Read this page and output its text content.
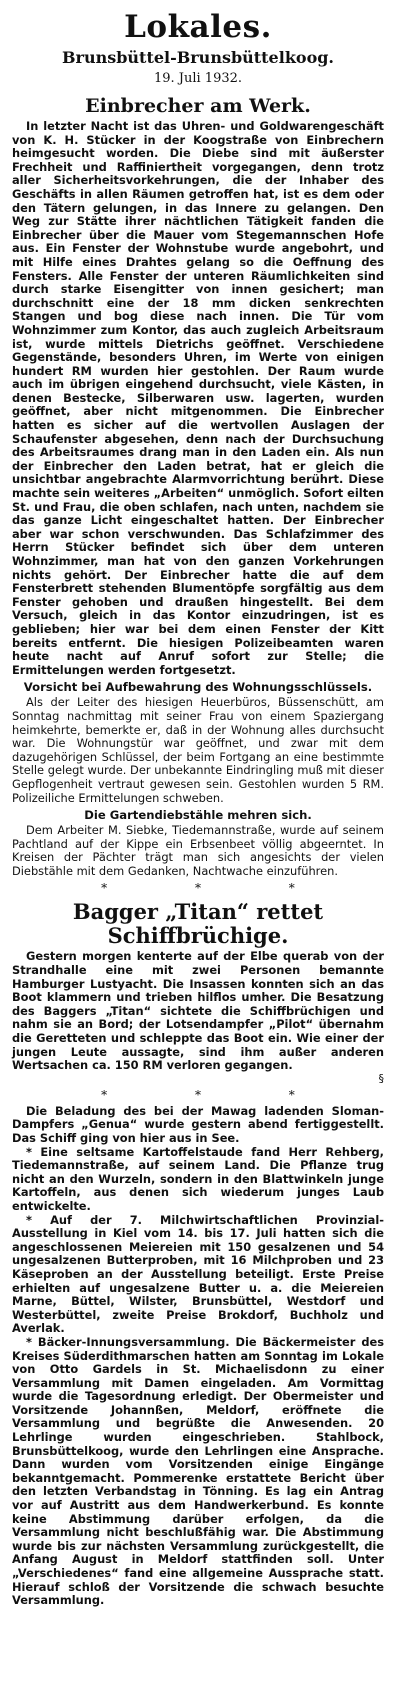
Lokales.
Brunsbüttel-Brunsbüttelkoog.
19. Juli 1932.
Einbrecher am Werk.

In letzter Nacht ist das Uhren- und Goldwarengeschäft von K. H. Stücker in der Koogstraße von Einbrechern heimgesucht worden. Die Diebe sind mit äußerster Frechheit und Raffiniertheit vorgegangen, denn trotz aller Sicherheitsvorkehrungen, die der Inhaber des Geschäfts in allen Räumen getroffen hat, ist es dem oder den Tätern gelungen, in das Innere zu gelangen. Den Weg zur Stätte ihrer nächtlichen Tätigkeit fanden die Einbrecher über die Mauer vom Stegemannschen Hofe aus. Ein Fenster der Wohnstube wurde angebohrt, und mit Hilfe eines Drahtes gelang so die Oeffnung des Fensters. Alle Fenster der unteren Räumlichkeiten sind durch starke Eisengitter von innen gesichert; man durchschnitt eine der 18 mm dicken senkrechten Stangen und bog diese nach innen. Die Tür vom Wohnzimmer zum Kontor, das auch zugleich Arbeitsraum ist, wurde mittels Dietrichs geöffnet. Verschiedene Gegenstände, besonders Uhren, im Werte von einigen hundert RM wurden hier gestohlen. Der Raum wurde auch im übrigen eingehend durchsucht, viele Kästen, in denen Bestecke, Silberwaren usw. lagerten, wurden geöffnet, aber nicht mitgenommen. Die Einbrecher hatten es sicher auf die wertvollen Auslagen der Schaufenster abgesehen, denn nach der Durchsuchung des Arbeitsraumes drang man in den Laden ein. Als nun der Einbrecher den Laden betrat, hat er gleich die unsichtbar angebrachte Alarmvorrichtung berührt. Diese machte sein weiteres „Arbeiten“ unmöglich. Sofort eilten St. und Frau, die oben schlafen, nach unten, nachdem sie das ganze Licht eingeschaltet hatten. Der Einbrecher aber war schon verschwunden. Das Schlafzimmer des Herrn Stücker befindet sich über dem unteren Wohnzimmer, man hat von den ganzen Vorkehrungen nichts gehört. Der Einbrecher hatte die auf dem Fensterbrett stehenden Blumentöpfe sorgfältig aus dem Fenster gehoben und draußen hingestellt. Bei dem Versuch, gleich in das Kontor einzudringen, ist es geblieben; hier war bei dem einen Fenster der Kitt bereits entfernt. Die hiesigen Polizeibeamten waren heute nacht auf Anruf sofort zur Stelle; die Ermittelungen werden fortgesetzt.

Vorsicht bei Aufbewahrung des Wohnungsschlüssels.

Als der Leiter des hiesigen Heuerbüros, Büssenschütt, am Sonntag nachmittag mit seiner Frau von einem Spaziergang heimkehrte, bemerkte er, daß in der Wohnung alles durchsucht war. Die Wohnungstür war geöffnet, und zwar mit dem dazugehörigen Schlüssel, der beim Fortgang an eine bestimmte Stelle gelegt wurde. Der unbekannte Eindringling muß mit dieser Gepflogenheit vertraut gewesen sein. Gestohlen wurden 5 RM. Polizeiliche Ermittelungen schweben.

Die Gartendiebstähle mehren sich.

Dem Arbeiter M. Siebke, Tiedemannstraße, wurde auf seinem Pachtland auf der Kippe ein Erbsenbeet völlig abgeerntet. In Kreisen der Pächter trägt man sich angesichts der vielen Diebstähle mit dem Gedanken, Nachtwache einzuführen.

* * *
Bagger „Titan“ rettet Schiffbrüchige.

Gestern morgen kenterte auf der Elbe querab von der Strandhalle eine mit zwei Personen bemannte Hamburger Lustyacht. Die Insassen konnten sich an das Boot klammern und trieben hilflos umher. Die Besatzung des Baggers „Titan“ sichtete die Schiffbrüchigen und nahm sie an Bord; der Lotsendampfer „Pilot“ übernahm die Geretteten und schleppte das Boot ein. Wie einer der jungen Leute aussagte, sind ihm außer anderen Wertsachen ca. 150 RM verloren gegangen.

§
* * *

Die Beladung des bei der Mawag ladenden Sloman-Dampfers „Genua“ wurde gestern abend fertiggestellt. Das Schiff ging von hier aus in See.

* Eine seltsame Kartoffelstaude fand Herr Rehberg, Tiedemannstraße, auf seinem Land. Die Pflanze trug nicht an den Wurzeln, sondern in den Blattwinkeln junge Kartoffeln, aus denen sich wiederum junges Laub entwickelte.

* Auf der 7. Milchwirtschaftlichen Provinzial-Ausstellung in Kiel vom 14. bis 17. Juli hatten sich die angeschlossenen Meiereien mit 150 gesalzenen und 54 ungesalzenen Butterproben, mit 16 Milchproben und 23 Käseproben an der Ausstellung beteiligt. Erste Preise erhielten auf ungesalzene Butter u. a. die Meiereien Marne, Büttel, Wilster, Brunsbüttel, Westdorf und Westerbüttel, zweite Preise Brokdorf, Buchholz und Averlak.

* Bäcker-Innungsversammlung. Die Bäckermeister des Kreises Süderdithmarschen hatten am Sonntag im Lokale von Otto Gardels in St. Michaelisdonn zu einer Versammlung mit Damen eingeladen. Am Vormittag wurde die Tagesordnung erledigt. Der Obermeister und Vorsitzende Johannßen, Meldorf, eröffnete die Versammlung und begrüßte die Anwesenden. 20 Lehrlinge wurden eingeschrieben. Stahlbock, Brunsbüttelkoog, wurde den Lehrlingen eine Ansprache. Dann wurden vom Vorsitzenden einige Eingänge bekanntgemacht. Pommerenke erstattete Bericht über den letzten Verbandstag in Tönning. Es lag ein Antrag vor auf Austritt aus dem Handwerkerbund. Es konnte keine Abstimmung darüber erfolgen, da die Versammlung nicht beschlußfähig war. Die Abstimmung wurde bis zur nächsten Versammlung zurückgestellt, die Anfang August in Meldorf stattfinden soll. Unter „Verschiedenes“ fand eine allgemeine Aussprache statt. Hierauf schloß der Vorsitzende die schwach besuchte Versammlung.
